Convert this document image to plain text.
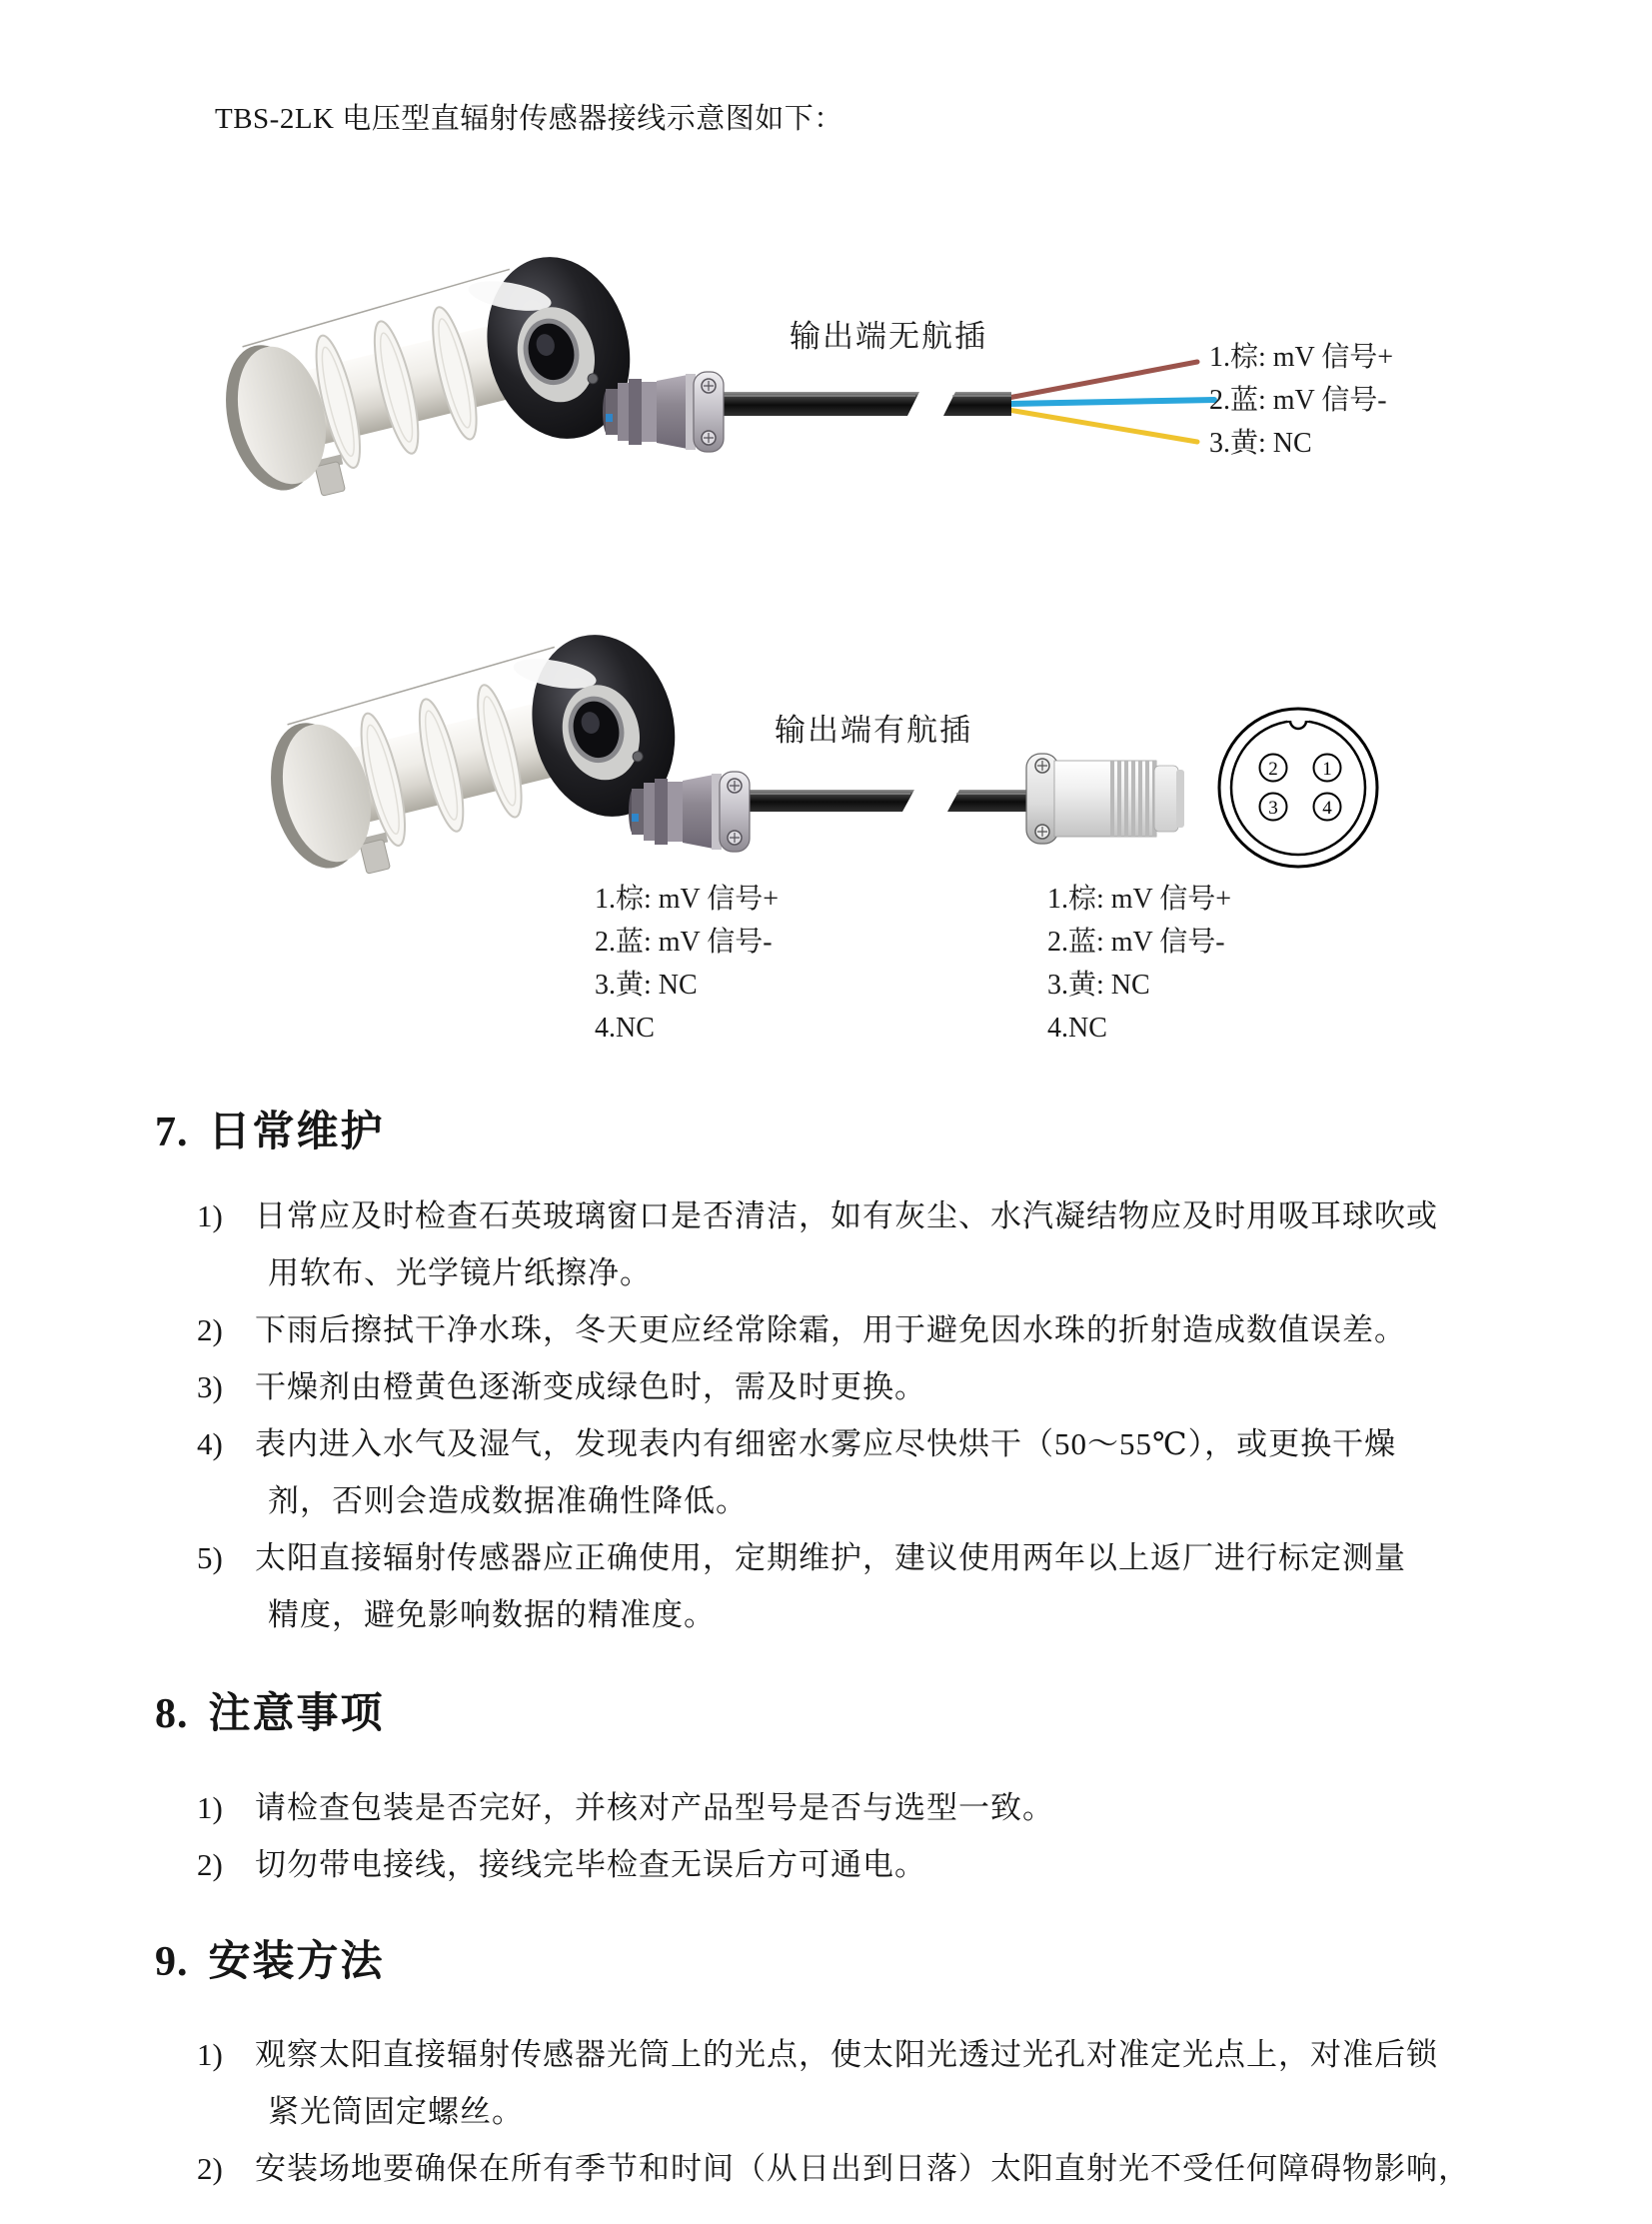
TBS-2LK 电压型直辐射传感器接线示意图如下：
输出端无航插
1.棕: mV 信号+
2.蓝: mV 信号-
3.黄: NC
输出端有航插
2 1
3 4
1.棕: mV 信号+
2.蓝: mV 信号-
3.黄: NC
4.NC
1.棕: mV 信号+
2.蓝: mV 信号-
3.黄: NC
4.NC
7. 日常维护
1) 日常应及时检查石英玻璃窗口是否清洁，如有灰尘、水汽凝结物应及时用吸耳球吹或
用软布、光学镜片纸擦净。
2) 下雨后擦拭干净水珠，冬天更应经常除霜，用于避免因水珠的折射造成数值误差。
3) 干燥剂由橙黄色逐渐变成绿色时，需及时更换。
4) 表内进入水气及湿气，发现表内有细密水雾应尽快烘干（50～55℃），或更换干燥
剂，否则会造成数据准确性降低。
5) 太阳直接辐射传感器应正确使用，定期维护，建议使用两年以上返厂进行标定测量
精度，避免影响数据的精准度。
8. 注意事项
1) 请检查包装是否完好，并核对产品型号是否与选型一致。
2) 切勿带电接线，接线完毕检查无误后方可通电。
9. 安装方法
1) 观察太阳直接辐射传感器光筒上的光点，使太阳光透过光孔对准定光点上，对准后锁
紧光筒固定螺丝。
2) 安装场地要确保在所有季节和时间（从日出到日落）太阳直射光不受任何障碍物影响，
